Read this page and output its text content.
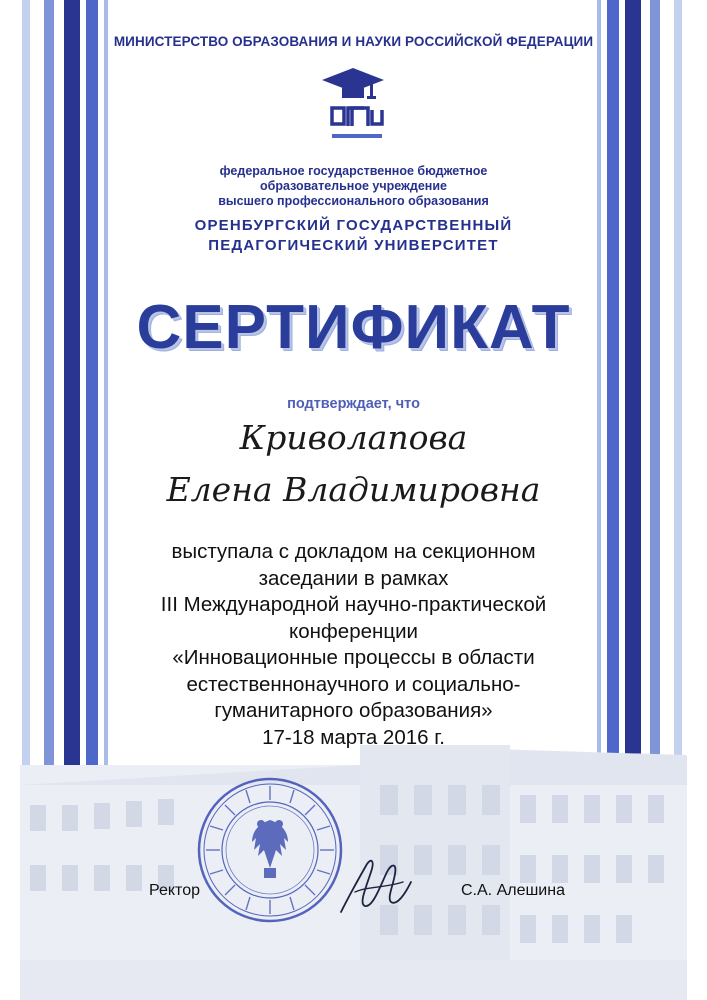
МИНИСТЕРСТВО ОБРАЗОВАНИЯ И НАУКИ РОССИЙСКОЙ ФЕДЕРАЦИИ
федеральное государственное бюджетное
образовательное учреждение
высшего профессионального образования
ОРЕНБУРГСКИЙ ГОСУДАРСТВЕННЫЙ
ПЕДАГОГИЧЕСКИЙ УНИВЕРСИТЕТ
СЕРТИФИКАТ
подтверждает, что
Криволапова
Елена Владимировна
выступала с докладом на секционном
заседании в рамках
III Международной научно-практической
конференции
«Инновационные процессы в области
естественнонаучного и социально-
гуманитарного образования»
17-18 марта 2016 г.
Ректор	С.А. Алешина
